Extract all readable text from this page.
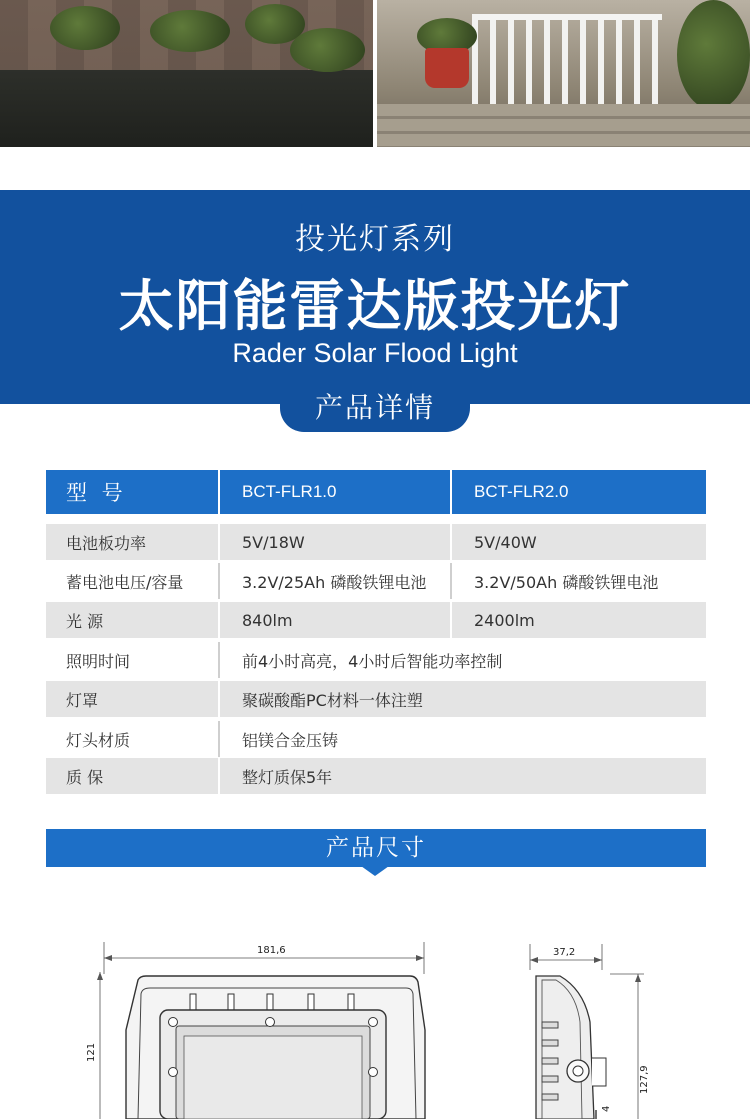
投光灯系列
太阳能雷达版投光灯
Rader Solar Flood Light
产品详情
型 号	BCT-FLR1.0	BCT-FLR2.0
电池板功率	5V/18W	5V/40W
蓄电池电压/容量	3.2V/25Ah 磷酸铁锂电池	3.2V/50Ah 磷酸铁锂电池
光 源	840lm	2400lm
照明时间	前4小时高亮，4小时后智能功率控制
灯罩	聚碳酸酯PC材料一体注塑
灯头材质	铝镁合金压铸
质 保	整灯质保5年
产品尺寸
181,6
121
37,2
127,9
4
